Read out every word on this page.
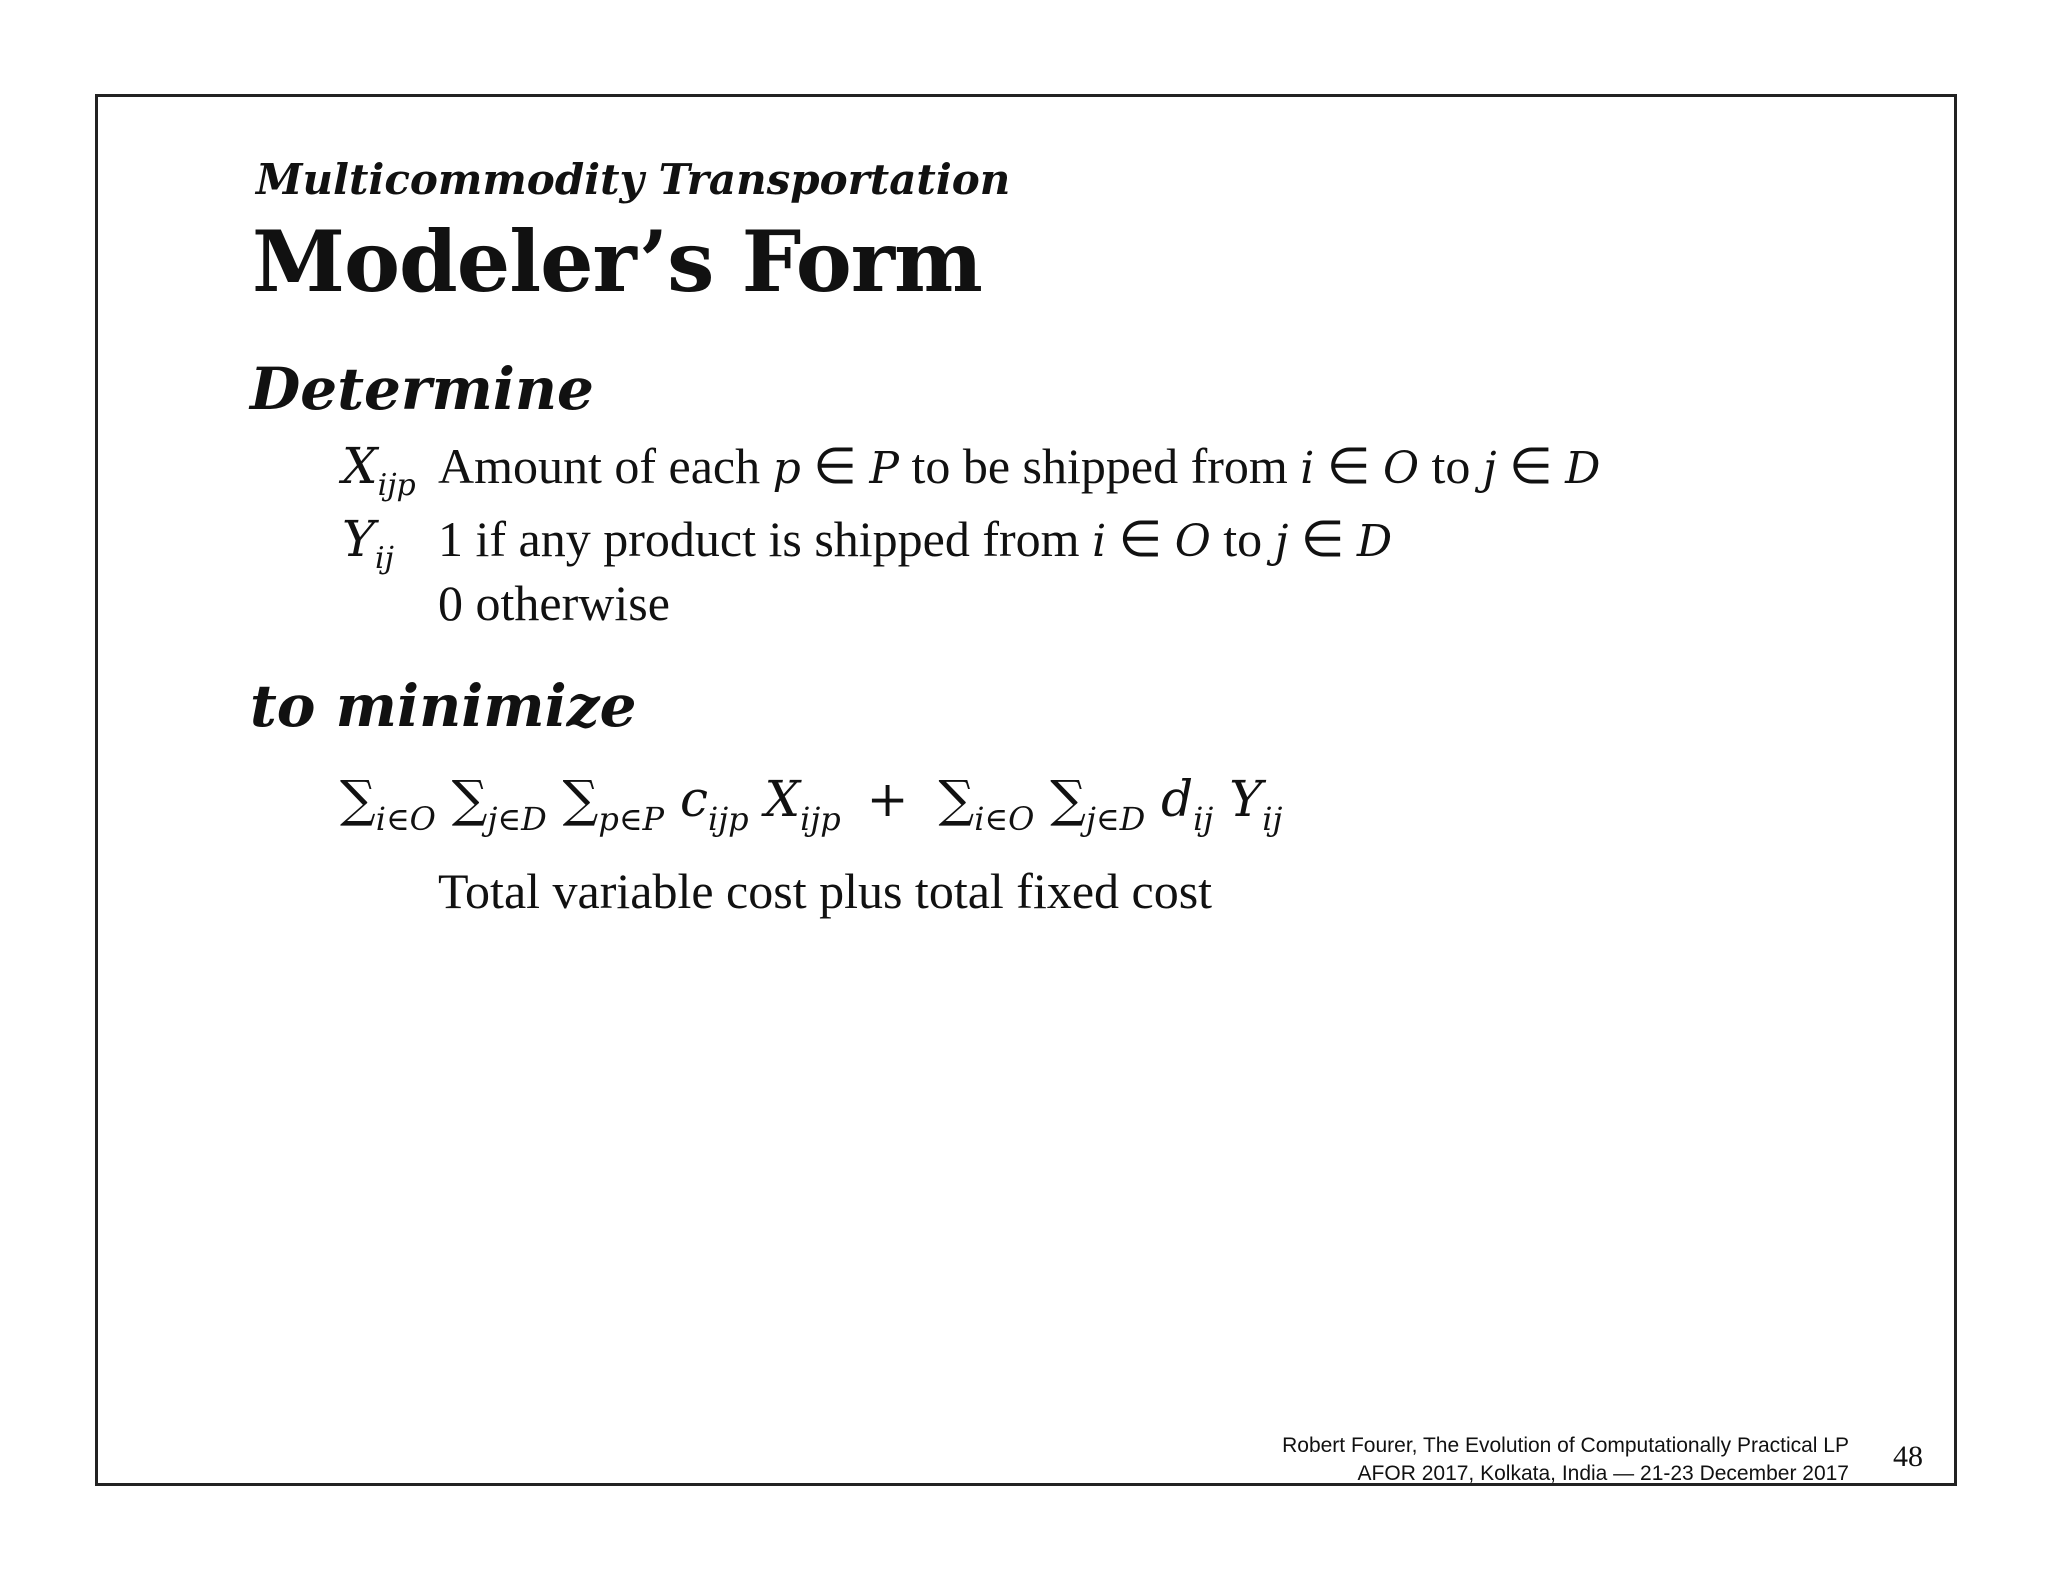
Multicommodity Transportation
Modeler’s Form
Determine
$X_{ijp}$ Amount of each p ∈ P to be shipped from i ∈ O to j ∈ D
$Y_{ij}$ 1 if any product is shipped from i ∈ O to j ∈ D
0 otherwise
to minimize
$\sum_{i\in O}$ $\sum_{j\in D}$ $\sum_{p\in P}$ $c_{ijp}$ $X_{ijp} + \sum_{i\in O}$ $\sum_{j\in D}$ $d_{ij}$ $Y_{ij}$
Total variable cost plus total fixed cost
Robert Fourer, The Evolution of Computationally Practical LP
AFOR 2017, Kolkata, India — 21-23 December 2017
48
